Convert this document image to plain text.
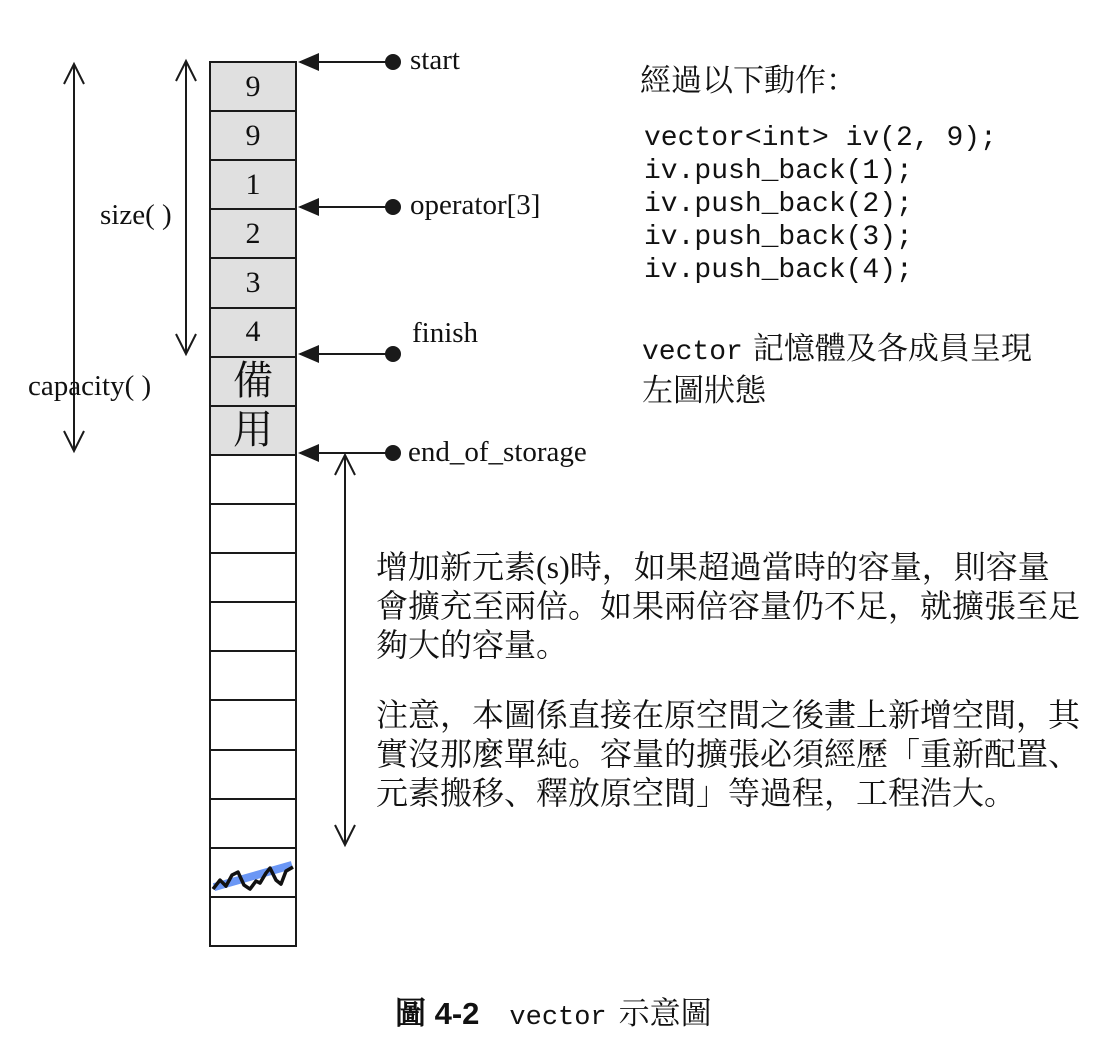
9
9
1
2
3
4
備
用
size( )
capacity( )
start
operator[3]
finish
end_of_storage
經過以下動作：
vector<int> iv(2, 9);
iv.push_back(1);
iv.push_back(2);
iv.push_back(3);
iv.push_back(4);
vector 記憶體及各成員呈現
左圖狀態
增加新元素(s)時，如果超過當時的容量，則容量
會擴充至兩倍。如果兩倍容量仍不足，就擴張至足
夠大的容量。
注意，本圖係直接在原空間之後畫上新增空間，其
實沒那麼單純。容量的擴張必須經歷「重新配置、
元素搬移、釋放原空間」等過程，工程浩大。
圖 4-2 vector 示意圖
